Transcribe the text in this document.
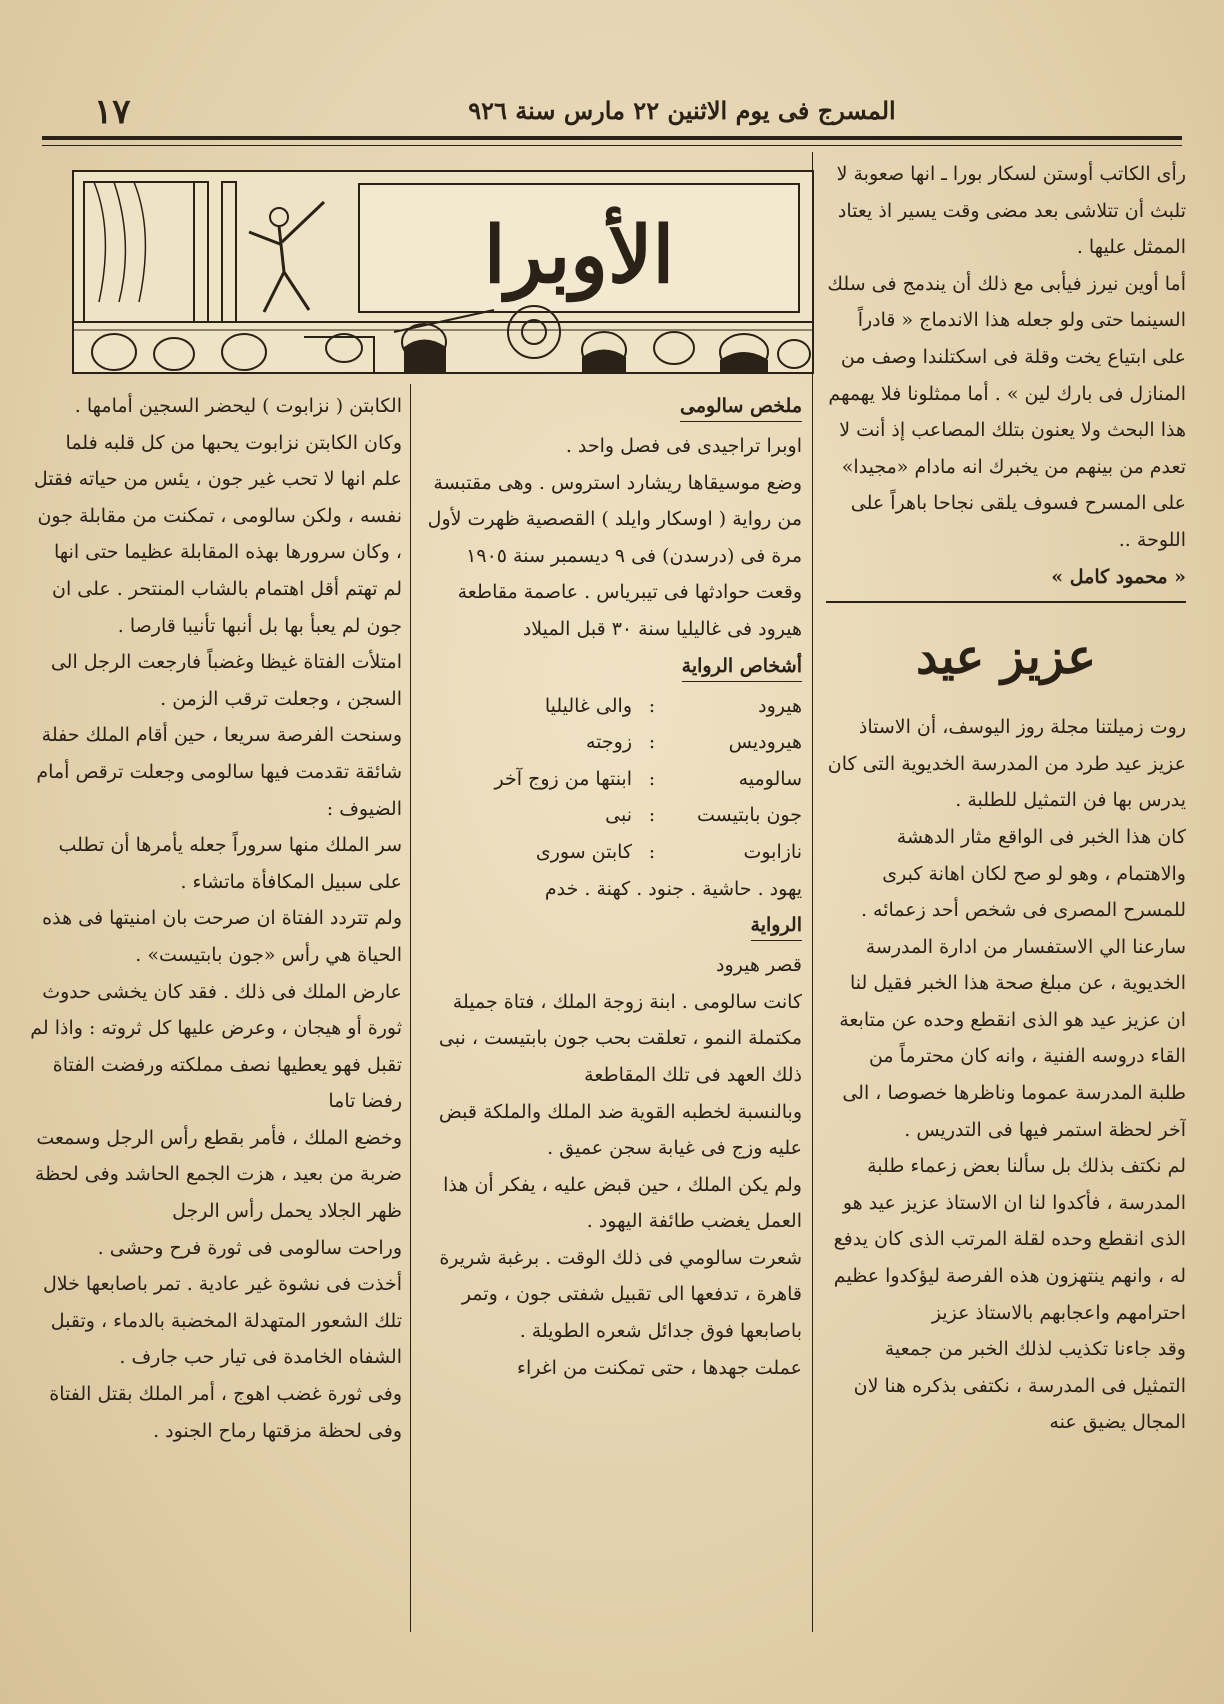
المسرج فى يوم الاثنين ٢٢ مارس سنة ٩٢٦
١٧
الأوبرا

رأى الكاتب أوستن لسكار بورا ـ انها صعوبة لا تلبث أن تتلاشى بعد مضى وقت يسير اذ يعتاد الممثل عليها .

أما أوين نيرز فيأبى مع ذلك أن يندمج فى سلك السينما حتى ولو جعله هذا الاندماج « قادراً على ابتياع يخت وقلة فى اسكتلندا وصف من المنازل فى بارك لين » . أما ممثلونا فلا يهمهم هذا البحث ولا يعنون بتلك المصاعب إذ أنت لا تعدم من بينهم من يخبرك انه مادام «مجيدا» على المسرح فسوف يلقى نجاحا باهراً على اللوحة ..

« محمود كامل »

عزيز عيد

روت زميلتنا مجلة روز اليوسف، أن الاستاذ عزيز عيد طرد من المدرسة الخديوية التى كان يدرس بها فن التمثيل للطلبة .

كان هذا الخبر فى الواقع مثار الدهشة والاهتمام ، وهو لو صح لكان اهانة كبرى للمسرح المصرى فى شخص أحد زعمائه .

سارعنا الي الاستفسار من ادارة المدرسة الخديوية ، عن مبلغ صحة هذا الخبر فقيل لنا ان عزيز عيد هو الذى انقطع وحده عن متابعة القاء دروسه الفنية ، وانه كان محترماً من طلبة المدرسة عموما وناظرها خصوصا ، الى آخر لحظة استمر فيها فى التدريس .

لم نكتف بذلك بل سألنا بعض زعماء طلبة المدرسة ، فأكدوا لنا ان الاستاذ عزيز عيد هو الذى انقطع وحده لقلة المرتب الذى كان يدفع له ، وانهم ينتهزون هذه الفرصة ليؤكدوا عظيم احترامهم واعجابهم بالاستاذ عزيز

وقد جاءنا تكذيب لذلك الخبر من جمعية التمثيل فى المدرسة ، نكتفى بذكره هنا لان المجال يضيق عنه

ملخص سالومى

اوبرا تراجيدى فى فصل واحد .

وضع موسيقاها ريشارد استروس . وهى مقتبسة من رواية ( اوسكار وايلد ) القصصية ظهرت لأول مرة فى (درسدن) فى ٩ ديسمبر سنة ١٩٠٥

وقعت حوادثها فى تيبرياس . عاصمة مقاطعة هيرود فى غاليليا سنة ٣٠ قبل الميلاد

أشخاص الرواية
هيرود
:
والى غاليليا
هيروديس
:
زوجته
سالوميه
:
ابنتها من زوج آخر
جون بابتيست
:
نبى
نازابوت
:
كابتن سورى

يهود . حاشية . جنود . كهنة . خدم

الرواية

قصر هيرود

كانت سالومى . ابنة زوجة الملك ، فتاة جميلة مكتملة النمو ، تعلقت بحب جون بابتيست ، نبى ذلك العهد فى تلك المقاطعة

وبالنسبة لخطبه القوية ضد الملك والملكة قبض عليه وزج فى غيابة سجن عميق .

ولم يكن الملك ، حين قبض عليه ، يفكر أن هذا العمل يغضب طائفة اليهود .

شعرت سالومي فى ذلك الوقت . برغبة شريرة قاهرة ، تدفعها الى تقبيل شفتى جون ، وتمر باصابعها فوق جدائل شعره الطويلة .

عملت جهدها ، حتى تمكنت من اغراء

الكابتن ( نزابوت ) ليحضر السجين أمامها .

وكان الكابتن نزابوت يحبها من كل قلبه فلما علم انها لا تحب غير جون ، يئس من حياته فقتل نفسه ، ولكن سالومى ، تمكنت من مقابلة جون ، وكان سرورها بهذه المقابلة عظيما حتى انها لم تهتم أقل اهتمام بالشاب المنتحر . على ان جون لم يعبأ بها بل أنبها تأنيبا قارصا .

امتلأت الفتاة غيظا وغضباً فارجعت الرجل الى السجن ، وجعلت ترقب الزمن .

وسنحت الفرصة سريعا ، حين أقام الملك حفلة شائقة تقدمت فيها سالومى وجعلت ترقص أمام الضيوف :

سر الملك منها سروراً جعله يأمرها أن تطلب على سبيل المكافأة ماتشاء .

ولم تتردد الفتاة ان صرحت بان امنيتها فى هذه الحياة هي رأس «جون بابتيست» .

عارض الملك فى ذلك . فقد كان يخشى حدوث ثورة أو هيجان ، وعرض عليها كل ثروته : واذا لم تقبل فهو يعطيها نصف مملكته ورفضت الفتاة رفضا تاما

وخضع الملك ، فأمر بقطع رأس الرجل وسمعت ضربة من بعيد ، هزت الجمع الحاشد وفى لحظة ظهر الجلاد يحمل رأس الرجل

وراحت سالومى فى ثورة فرح وحشى .

أخذت فى نشوة غير عادية . تمر باصابعها خلال تلك الشعور المتهدلة المخضبة بالدماء ، وتقبل الشفاه الخامدة فى تيار حب جارف .

وفى ثورة غضب اهوج ، أمر الملك بقتل الفتاة وفى لحظة مزقتها رماح الجنود .
